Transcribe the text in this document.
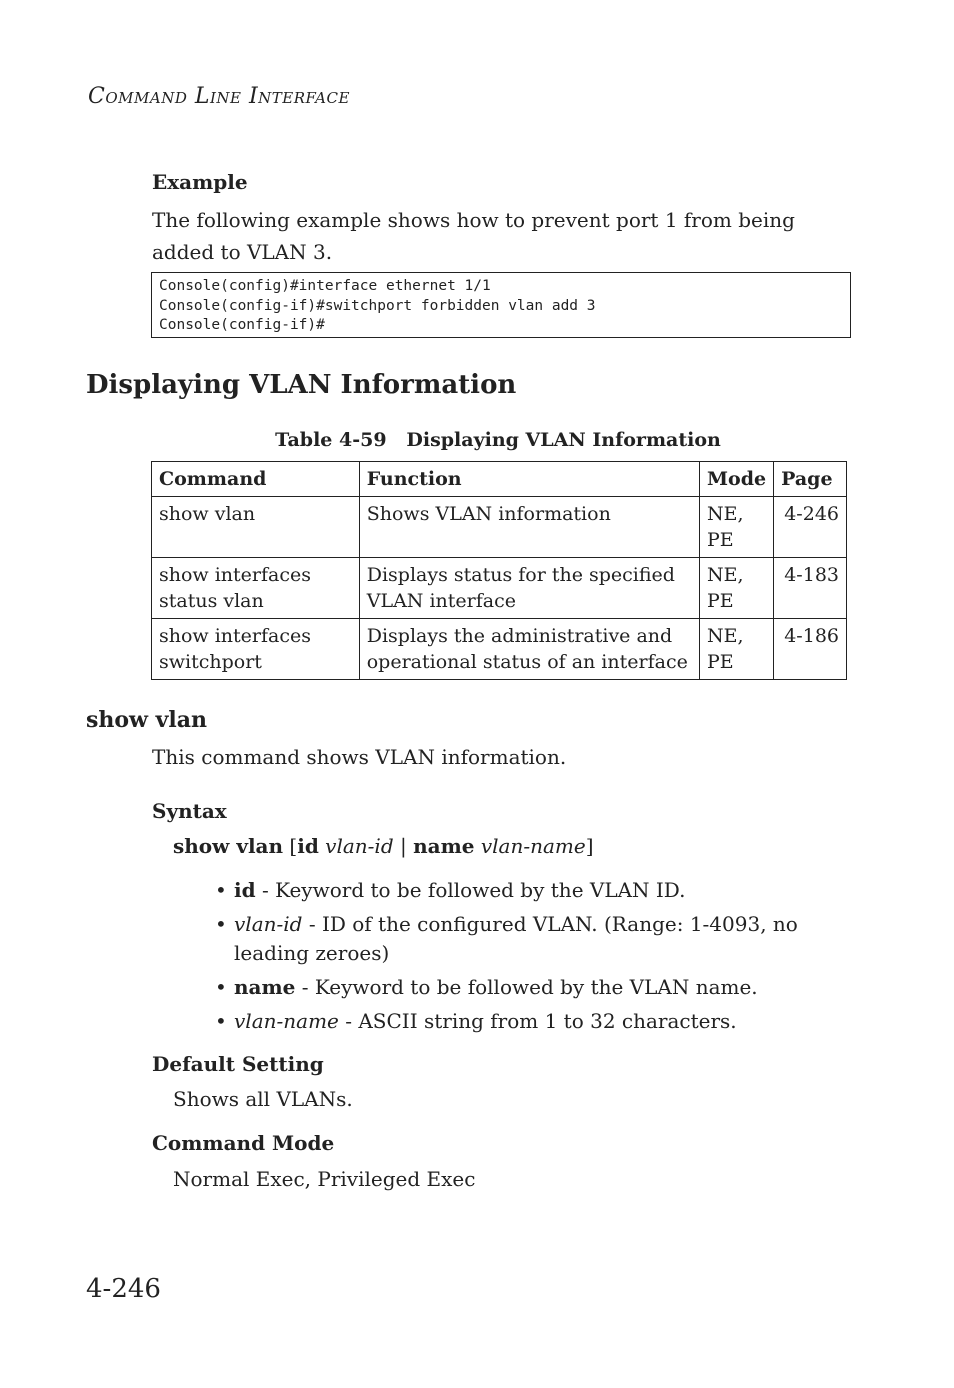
COMMAND LINE INTERFACE
Example
The following example shows how to prevent port 1 from being added to VLAN 3.
Console(config)#interface ethernet 1/1
Console(config-if)#switchport forbidden vlan add 3
Console(config-if)#
Displaying VLAN Information
Table 4-59   Displaying VLAN Information
Command	Function	Mode	Page
show vlan	Shows VLAN information	NE, PE	4-246
show interfaces status vlan	Displays status for the specified VLAN interface	NE, PE	4-183
show interfaces switchport	Displays the administrative and operational status of an interface	NE, PE	4-186
show vlan
This command shows VLAN information.
Syntax
show vlan [id vlan-id | name vlan-name]
• id - Keyword to be followed by the VLAN ID.
• vlan-id - ID of the configured VLAN. (Range: 1-4093, no leading zeroes)
• name - Keyword to be followed by the VLAN name.
• vlan-name - ASCII string from 1 to 32 characters.
Default Setting
Shows all VLANs.
Command Mode
Normal Exec, Privileged Exec
4-246
